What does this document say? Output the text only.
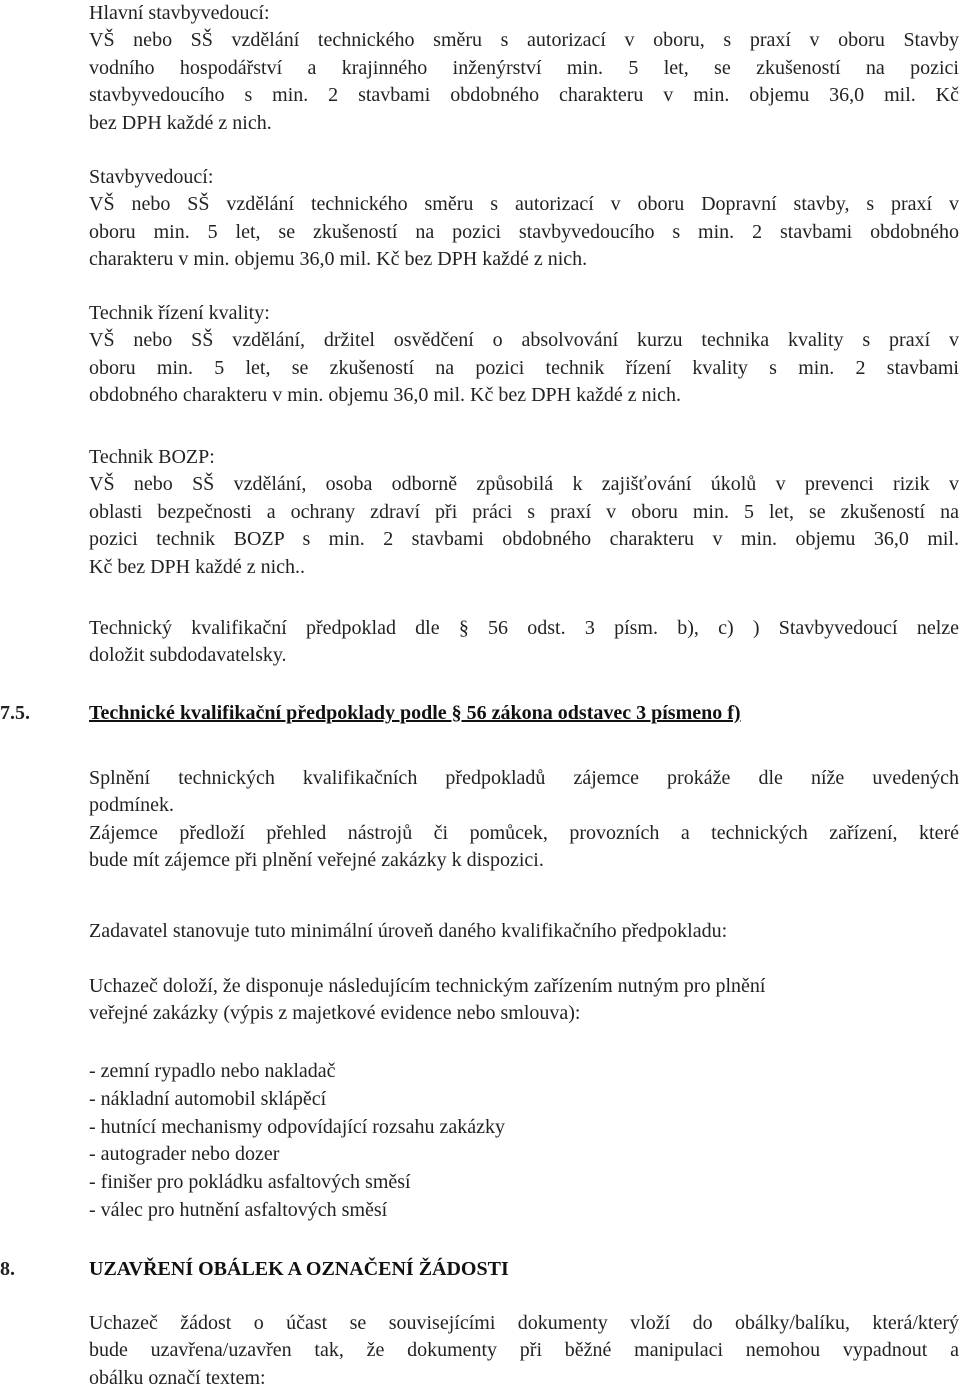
Hlavní stavbyvedoucí:
VŠ nebo SŠ vzdělání technického směru s autorizací v oboru, s praxí v oboru Stavby
vodního hospodářství a krajinného inženýrství min. 5 let, se zkušeností na pozici
stavbyvedoucího s min. 2 stavbami obdobného charakteru v min. objemu 36,0 mil. Kč
bez DPH každé z nich.
Stavbyvedoucí:
VŠ nebo SŠ vzdělání technického směru s autorizací v oboru Dopravní stavby, s praxí v
oboru min. 5 let, se zkušeností na pozici stavbyvedoucího s min. 2 stavbami obdobného
charakteru v min. objemu 36,0 mil. Kč bez DPH každé z nich.
Technik řízení kvality:
VŠ nebo SŠ vzdělání, držitel osvědčení o absolvování kurzu technika kvality s praxí v
oboru min. 5 let, se zkušeností na pozici technik řízení kvality s min. 2 stavbami
obdobného charakteru v min. objemu 36,0 mil. Kč bez DPH každé z nich.
Technik BOZP:
VŠ nebo SŠ vzdělání, osoba odborně způsobilá k zajišťování úkolů v prevenci rizik v
oblasti bezpečnosti a ochrany zdraví při práci s praxí v oboru min. 5 let, se zkušeností na
pozici technik BOZP s min. 2 stavbami obdobného charakteru v min. objemu 36,0 mil.
Kč bez DPH každé z nich..
Technický kvalifikační předpoklad dle § 56 odst. 3 písm. b), c) ) Stavbyvedoucí nelze
doložit subdodavatelsky.
7.5.	Technické kvalifikační předpoklady podle § 56 zákona odstavec 3 písmeno f)
Splnění technických kvalifikačních předpokladů zájemce prokáže dle níže uvedených
podmínek.
Zájemce předloží přehled nástrojů či pomůcek, provozních a technických zařízení, které
bude mít zájemce při plnění veřejné zakázky k dispozici.
Zadavatel stanovuje tuto minimální úroveň daného kvalifikačního předpokladu:
Uchazeč doloží, že disponuje následujícím technickým zařízením nutným pro plnění
veřejné zakázky (výpis z majetkové evidence nebo smlouva):
- zemní rypadlo nebo nakladač
- nákladní automobil sklápěcí
- hutnící mechanismy odpovídající rozsahu zakázky
- autograder nebo dozer
- finišer pro pokládku asfaltových směsí
- válec pro hutnění asfaltových směsí
8.	UZAVŘENÍ OBÁLEK A OZNAČENÍ ŽÁDOSTI
Uchazeč žádost o účast se souvisejícími dokumenty vloží do obálky/balíku, která/který
bude uzavřena/uzavřen tak, že dokumenty při běžné manipulaci nemohou vypadnout a
obálku označí textem:
